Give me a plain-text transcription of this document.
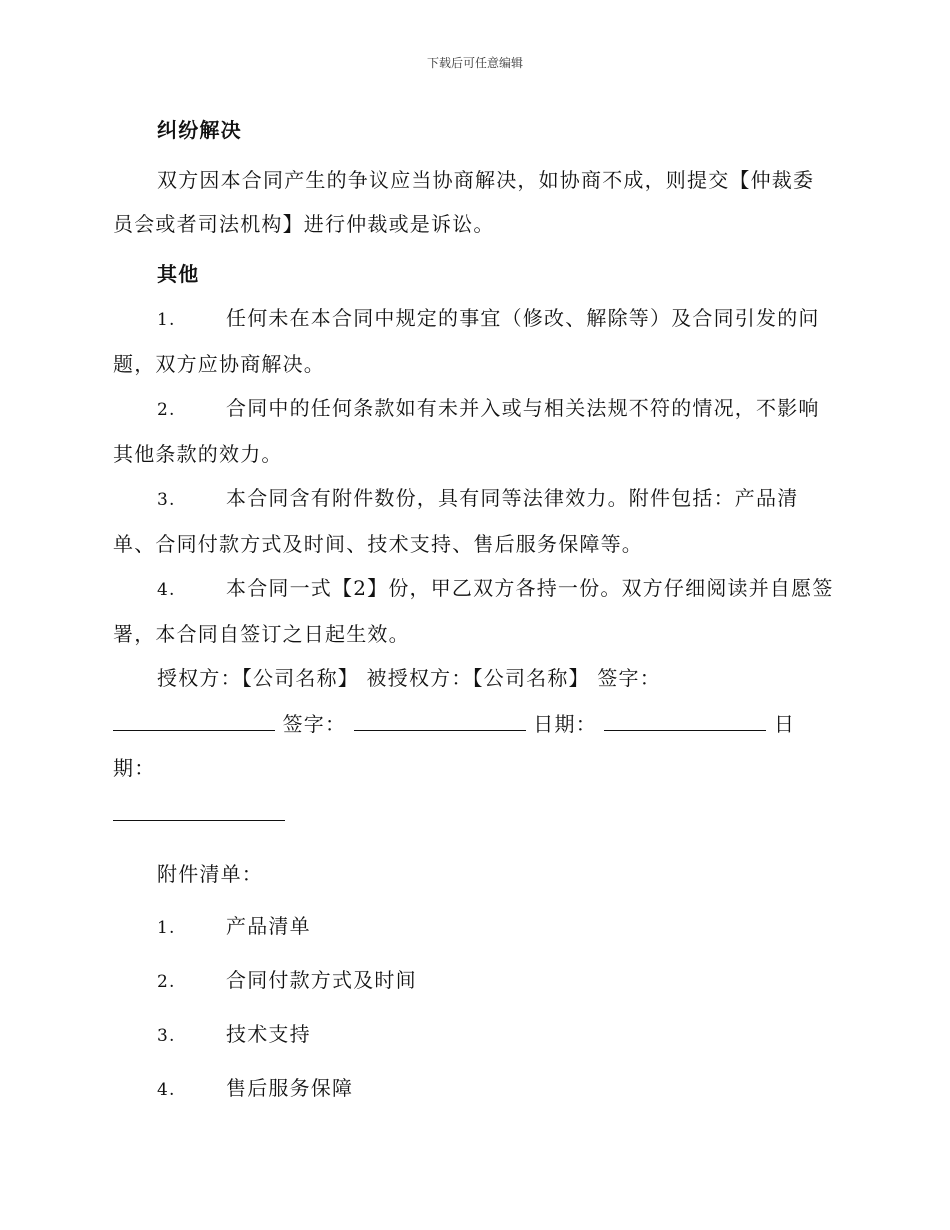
下载后可任意编辑
纠纷解决

双方因本合同产生的争议应当协商解决，如协商不成，则提交【仲裁委员会或者司法机构】进行仲裁或是诉讼。

其他
1.	任何未在本合同中规定的事宜（修改、解除等）及合同引发的问题，双方应协商解决。
2.	合同中的任何条款如有未并入或与相关法规不符的情况，不影响其他条款的效力。
3.	本合同含有附件数份，具有同等法律效力。附件包括：产品清单、合同付款方式及时间、技术支持、售后服务保障等。
4.	本合同一式【2】份，甲乙双方各持一份。双方仔细阅读并自愿签署，本合同自签订之日起生效。
授权方：【公司名称】 被授权方：【公司名称】 签字：
签字：	日期：	日期：

附件清单：
1.	产品清单
2.	合同付款方式及时间
3.	技术支持
4.	售后服务保障
